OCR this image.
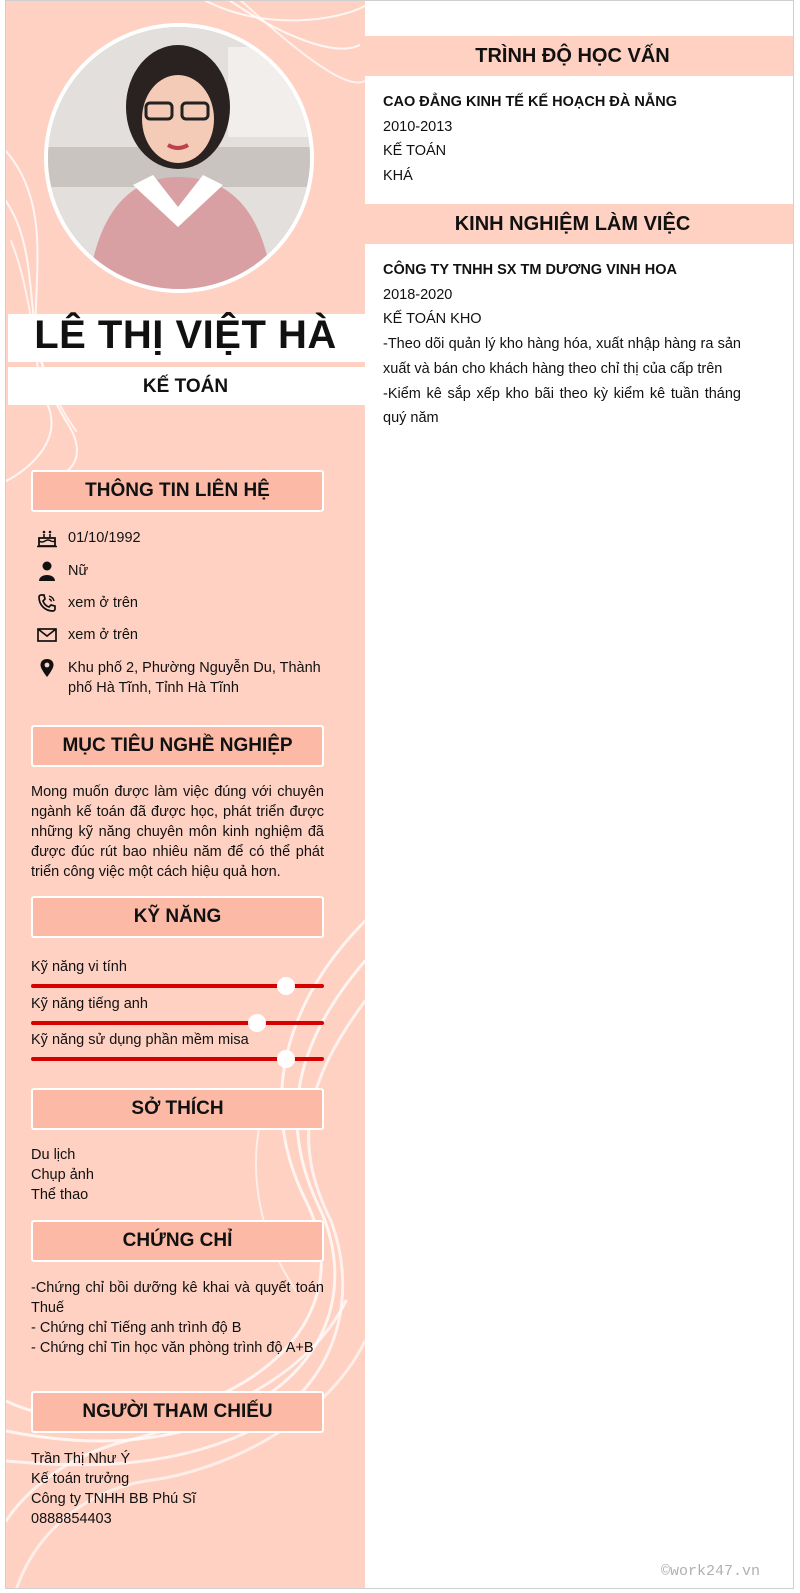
LÊ THỊ VIỆT HÀ
KẾ TOÁN
THÔNG TIN LIÊN HỆ
01/10/1992
Nữ
xem ở trên
xem ở trên
Khu phố 2, Phường Nguyễn Du, Thành phố Hà Tĩnh, Tỉnh Hà Tĩnh
MỤC TIÊU NGHỀ NGHIỆP
Mong muốn được làm việc đúng với chuyên ngành kế toán đã được học, phát triển được những kỹ năng chuyên môn kinh nghiệm đã được đúc rút bao nhiêu năm để có thể phát triển công việc một cách hiệu quả hơn.
KỸ NĂNG
Kỹ năng vi tính
Kỹ năng tiếng anh
Kỹ năng sử dụng phần mềm misa
SỞ THÍCH
Du lịch
Chụp ảnh
Thể thao
CHỨNG CHỈ
-Chứng chỉ bồi dưỡng kê khai và quyết toán Thuế
- Chứng chỉ Tiếng anh trình độ B
- Chứng chỉ Tin học văn phòng trình độ A+B
NGƯỜI THAM CHIẾU
Trần Thị Như Ý
Kế toán trưởng
Công ty TNHH BB Phú Sĩ
0888854403
TRÌNH ĐỘ HỌC VẤN
CAO ĐẲNG KINH TẾ KẾ HOẠCH ĐÀ NẴNG
2010-2013
KẾ TOÁN
KHÁ
KINH NGHIỆM LÀM VIỆC
CÔNG TY TNHH SX TM DƯƠNG VINH HOA
2018-2020
KẾ TOÁN KHO
-Theo dõi quản lý kho hàng hóa, xuất nhập hàng ra sản xuất và bán cho khách hàng theo chỉ thị của cấp trên
-Kiểm kê sắp xếp kho bãi theo kỳ kiểm kê tuần tháng quý năm
©work247.vn
